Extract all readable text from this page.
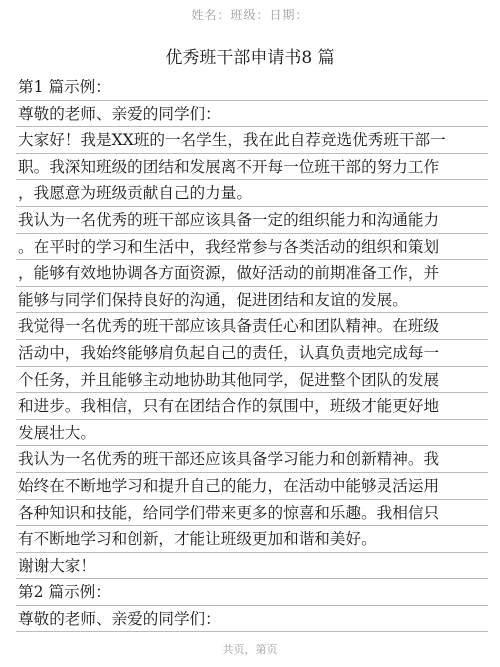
姓名：班级：日期：
优秀班干部申请书8 篇
第1 篇示例：
尊敬的老师、亲爱的同学们：
大家好！我是XX班的一名学生，我在此自荐竞选优秀班干部一
职。我深知班级的团结和发展离不开每一位班干部的努力工作
，我愿意为班级贡献自己的力量。
我认为一名优秀的班干部应该具备一定的组织能力和沟通能力
。在平时的学习和生活中，我经常参与各类活动的组织和策划
，能够有效地协调各方面资源，做好活动的前期准备工作，并
能够与同学们保持良好的沟通，促进团结和友谊的发展。
我觉得一名优秀的班干部应该具备责任心和团队精神。在班级
活动中，我始终能够肩负起自己的责任，认真负责地完成每一
个任务，并且能够主动地协助其他同学，促进整个团队的发展
和进步。我相信，只有在团结合作的氛围中，班级才能更好地
发展壮大。
我认为一名优秀的班干部还应该具备学习能力和创新精神。我
始终在不断地学习和提升自己的能力，在活动中能够灵活运用
各种知识和技能，给同学们带来更多的惊喜和乐趣。我相信只
有不断地学习和创新，才能让班级更加和谐和美好。
谢谢大家！
第2 篇示例：
尊敬的老师、亲爱的同学们：
共页，第页
